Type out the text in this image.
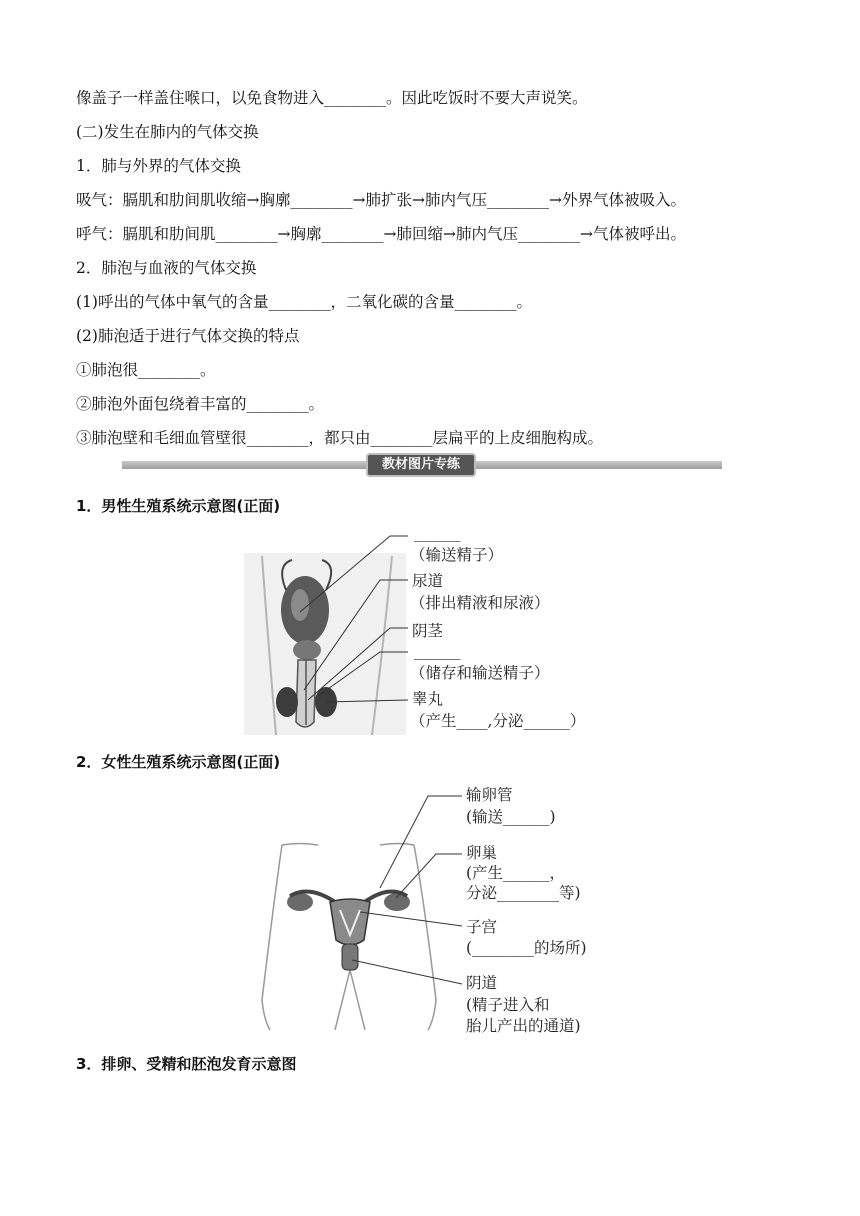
像盖子一样盖住喉口，以免食物进入________。因此吃饭时不要大声说笑。
(二)发生在肺内的气体交换
1．肺与外界的气体交换
吸气：膈肌和肋间肌收缩→胸廓________→肺扩张→肺内气压________→外界气体被吸入。
呼气：膈肌和肋间肌________→胸廓________→肺回缩→肺内气压________→气体被呼出。
2．肺泡与血液的气体交换
(1)呼出的气体中氧气的含量________，二氧化碳的含量________。
(2)肺泡适于进行气体交换的特点
①肺泡很________。
②肺泡外面包绕着丰富的________。
③肺泡壁和毛细血管壁很________，都只由________层扁平的上皮细胞构成。
教材图片专练
1．男性生殖系统示意图(正面)
______
（输送精子）
尿道
（排出精液和尿液）
阴茎
______
（储存和输送精子）
睾丸
（产生____,分泌______）
2．女性生殖系统示意图(正面)
输卵管
(输送______)
卵巢
(产生______，
分泌________等)
子宫
(________的场所)
阴道
(精子进入和
胎儿产出的通道)
3．排卵、受精和胚泡发育示意图
